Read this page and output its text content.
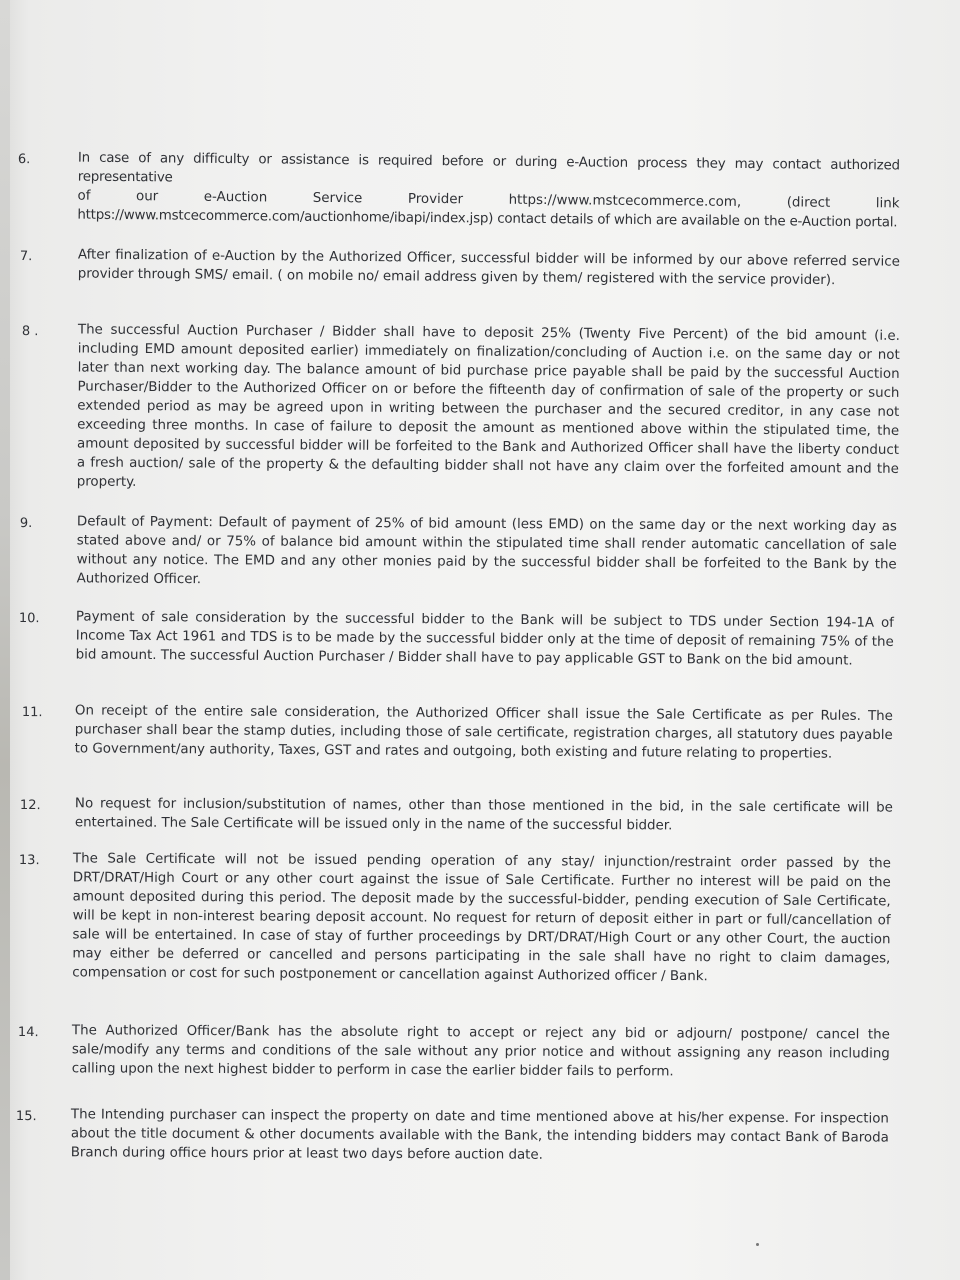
6.	In case of any difficulty or assistance is required before or during e-Auction process they may contact authorized representative
of	our	e-Auction	Service	Provider	https://www.mstcecommerce.com,	(direct	link
https://www.mstcecommerce.com/auctionhome/ibapi/index.jsp) contact details of which are available on the e-Auction portal.
7.	After finalization of e-Auction by the Authorized Officer, successful bidder will be informed by our above referred service provider through SMS/ email. ( on mobile no/ email address given by them/ registered with the service provider).
8 .	The successful Auction Purchaser / Bidder shall have to deposit 25% (Twenty Five Percent) of the bid amount (i.e. including EMD amount deposited earlier) immediately on finalization/concluding of Auction i.e. on the same day or not later than next working day. The balance amount of bid purchase price payable shall be paid by the successful Auction Purchaser/Bidder to the Authorized Officer on or before the fifteenth day of confirmation of sale of the property or such extended period as may be agreed upon in writing between the purchaser and the secured creditor, in any case not exceeding three months. In case of failure to deposit the amount as mentioned above within the stipulated time, the amount deposited by successful bidder will be forfeited to the Bank and Authorized Officer shall have the liberty conduct a fresh auction/ sale of the property & the defaulting bidder shall not have any claim over the forfeited amount and the property.
9.	Default of Payment: Default of payment of 25% of bid amount (less EMD) on the same day or the next working day as stated above and/ or 75% of balance bid amount within the stipulated time shall render automatic cancellation of sale without any notice. The EMD and any other monies paid by the successful bidder shall be forfeited to the Bank by the Authorized Officer.
10.	Payment of sale consideration by the successful bidder to the Bank will be subject to TDS under Section 194-1A of Income Tax Act 1961 and TDS is to be made by the successful bidder only at the time of deposit of remaining 75% of the bid amount. The successful Auction Purchaser / Bidder shall have to pay applicable GST to Bank on the bid amount.
11. On receipt of the entire sale consideration, the Authorized Officer shall issue the Sale Certificate as per Rules. The purchaser shall bear the stamp duties, including those of sale certificate, registration charges, all statutory dues payable to Government/any authority, Taxes, GST and rates and outgoing, both existing and future relating to properties.
12.	No request for inclusion/substitution of names, other than those mentioned in the bid, in the sale certificate will be entertained. The Sale Certificate will be issued only in the name of the successful bidder.
13. The Sale Certificate will not be issued pending operation of any stay/ injunction/restraint order passed by the DRT/DRAT/High Court or any other court against the issue of Sale Certificate. Further no interest will be paid on the amount deposited during this period. The deposit made by the successful-bidder, pending execution of Sale Certificate, will be kept in non-interest bearing deposit account. No request for return of deposit either in part or full/cancellation of sale will be entertained. In case of stay of further proceedings by DRT/DRAT/High Court or any other Court, the auction may either be deferred or cancelled and persons participating in the sale shall have no right to claim damages, compensation or cost for such postponement or cancellation against Authorized officer / Bank.
14. The Authorized Officer/Bank has the absolute right to accept or reject any bid or adjourn/ postpone/ cancel the sale/modify any terms and conditions of the sale without any prior notice and without assigning any reason including calling upon the next highest bidder to perform in case the earlier bidder fails to perform.
15.	The Intending purchaser can inspect the property on date and time mentioned above at his/her expense. For inspection about the title document & other documents available with the Bank, the intending bidders may contact Bank of Baroda Branch during office hours prior at least two days before auction date.
